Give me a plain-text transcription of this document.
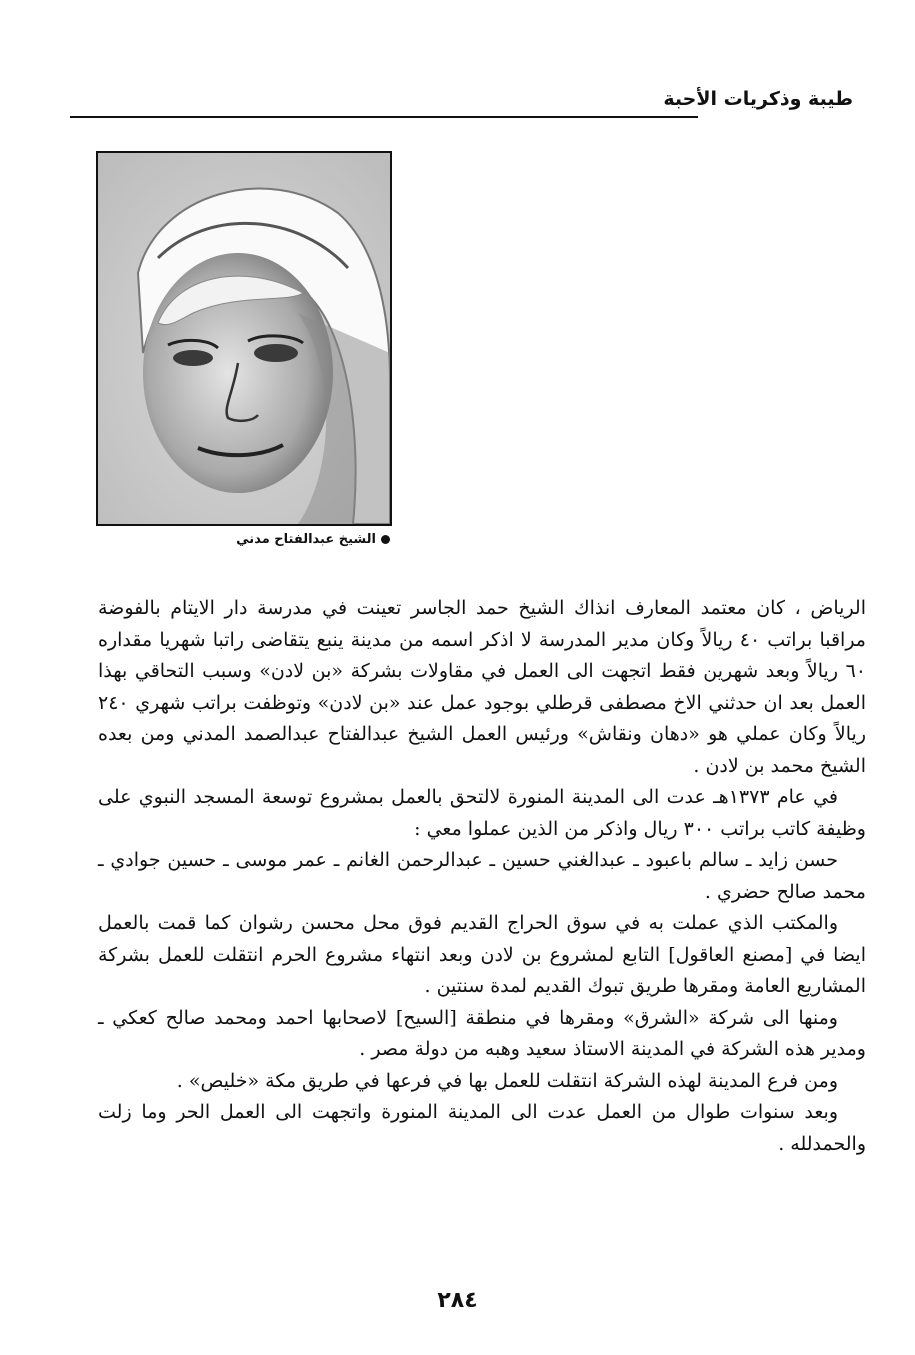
طيبة وذكريات الأحبة
الشيخ عبدالفتاح مدني

الرياض ، كان معتمد المعارف انذاك الشيخ حمد الجاسر تعينت في مدرسة دار الايتام بالفوضة مراقبا براتب ٤٠ ريالاً وكان مدير المدرسة لا اذكر اسمه من مدينة ينبع يتقاضى راتبا شهريا مقداره ٦٠ ريالاً وبعد شهرين فقط اتجهت الى العمل في مقاولات بشركة «بن لادن» وسبب التحاقي بهذا العمل بعد ان حدثني الاخ مصطفى قرطلي بوجود عمل عند «بن لادن» وتوظفت براتب شهري ٢٤٠ ريالاً وكان عملي هو «دهان ونقاش» ورئيس العمل الشيخ عبدالفتاح عبدالصمد المدني ومن بعده الشيخ محمد بن لادن .

في عام ١٣٧٣هـ عدت الى المدينة المنورة لالتحق بالعمل بمشروع توسعة المسجد النبوي على وظيفة كاتب براتب ٣٠٠ ريال واذكر من الذين عملوا معي :

حسن زايد ـ سالم باعبود ـ عبدالغني حسين ـ عبدالرحمن الغانم ـ عمر موسى ـ حسين جوادي ـ محمد صالح حضري .

والمكتب الذي عملت به في سوق الحراج القديم فوق محل محسن رشوان كما قمت بالعمل ايضا في [مصنع العاقول] التابع لمشروع بن لادن وبعد انتهاء مشروع الحرم انتقلت للعمل بشركة المشاريع العامة ومقرها طريق تبوك القديم لمدة سنتين .

ومنها الى شركة «الشرق» ومقرها في منطقة [السيح] لاصحابها احمد ومحمد صالح كعكي ـ ومدير هذه الشركة في المدينة الاستاذ سعيد وهبه من دولة مصر .

ومن فرع المدينة لهذه الشركة انتقلت للعمل بها في فرعها في طريق مكة «خليص» .

وبعد سنوات طوال من العمل عدت الى المدينة المنورة واتجهت الى العمل الحر وما زلت والحمدلله .

٢٨٤
